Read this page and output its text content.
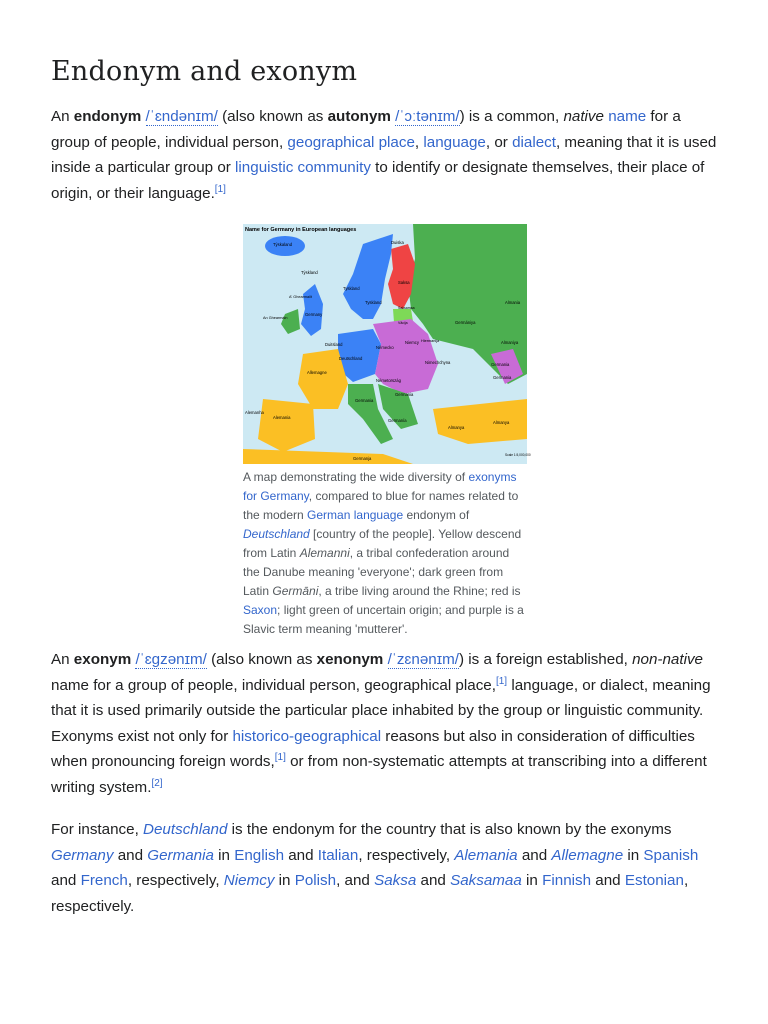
Endonym and exonym

An endonym /ˈɛndənɪm/ (also known as autonym /ˈɔːtənɪm/) is a common, native name for a group of people, individual person, geographical place, language, or dialect, meaning that it is used inside a particular group or linguistic community to identify or designate themselves, their place of origin, or their language.[1]

Name for Germany in European languages
Týskaland
Týskland
A' Ghearmailt
An Ghearmáin
Germany
Tyskland
Tyskland
Saksa
Saksamaa
Duiska
Germániya
Almania
Almaniya
Vācija
Niemcy Hiermanija
Duitsland
Deutschland
Německo
Nimechchyna
Németország
Germania
Germania
Allemagne
Alemania
Alemanha
Germania
Germania
Germanía
Almanya
Almanya
Germanja
Scale 1:5,000,000
A map demonstrating the wide diversity of exonyms for Germany, compared to blue for names related to the modern German language endonym of Deutschland [country of the people]. Yellow descend from Latin Alemanni, a tribal confederation around the Danube meaning 'everyone'; dark green from Latin Germāni, a tribe living around the Rhine; red is Saxon; light green of uncertain origin; and purple is a Slavic term meaning 'mutterer'.

An exonym /ˈɛɡzənɪm/ (also known as xenonym /ˈzɛnənɪm/) is a foreign established, non-native name for a group of people, individual person, geographical place,[1] language, or dialect, meaning that it is used primarily outside the particular place inhabited by the group or linguistic community. Exonyms exist not only for historico-geographical reasons but also in consideration of difficulties when pronouncing foreign words,[1] or from non-systematic attempts at transcribing into a different writing system.[2]

For instance, Deutschland is the endonym for the country that is also known by the exonyms Germany and Germania in English and Italian, respectively, Alemania and Allemagne in Spanish and French, respectively, Niemcy in Polish, and Saksa and Saksamaa in Finnish and Estonian, respectively.
